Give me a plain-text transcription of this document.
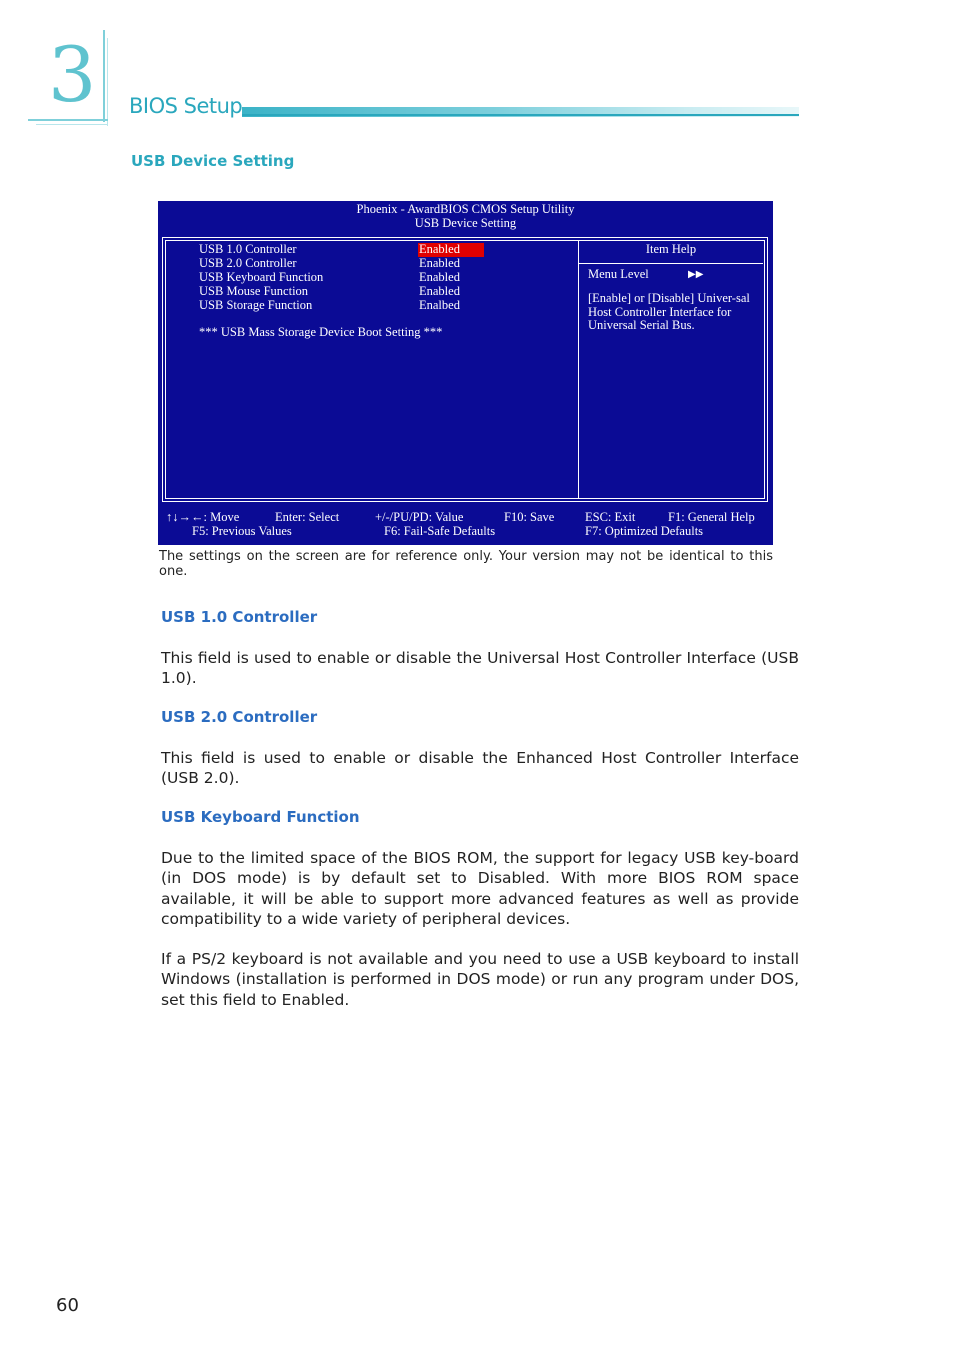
3 BIOS Setup
USB Device Setting
Phoenix - AwardBIOS CMOS Setup Utility
USB Device Setting
USB 1.0 Controller	Enabled
USB 2.0 Controller	Enabled
USB Keyboard Function	Enabled
USB Mouse Function	Enabled
USB Storage Function	Enalbed
*** USB Mass Storage Device Boot Setting ***
Item Help
Menu Level	▶▶
[Enable] or [Disable] Univer-sal Host Controller Interface for Universal Serial Bus.
↑↓→←: Move	Enter: Select	+/-/PU/PD: Value	F10: Save ESC: Exit	F1: General Help
F5: Previous Values	F6: Fail-Safe Defaults	F7: Optimized Defaults
The settings on the screen are for reference only. Your version may not be identical to this one.
USB 1.0 Controller
This field is used to enable or disable the Universal Host Controller Interface (USB 1.0).
USB 2.0 Controller
This field is used to enable or disable the Enhanced Host Controller Interface (USB 2.0).
USB Keyboard Function
Due to the limited space of the BIOS ROM, the support for legacy USB key-board (in DOS mode) is by default set to Disabled. With more BIOS ROM space available, it will be able to support more advanced features as well as provide compatibility to a wide variety of peripheral devices.
If a PS/2 keyboard is not available and you need to use a USB keyboard to install Windows (installation is performed in DOS mode) or run any program under DOS, set this field to Enabled.
60
